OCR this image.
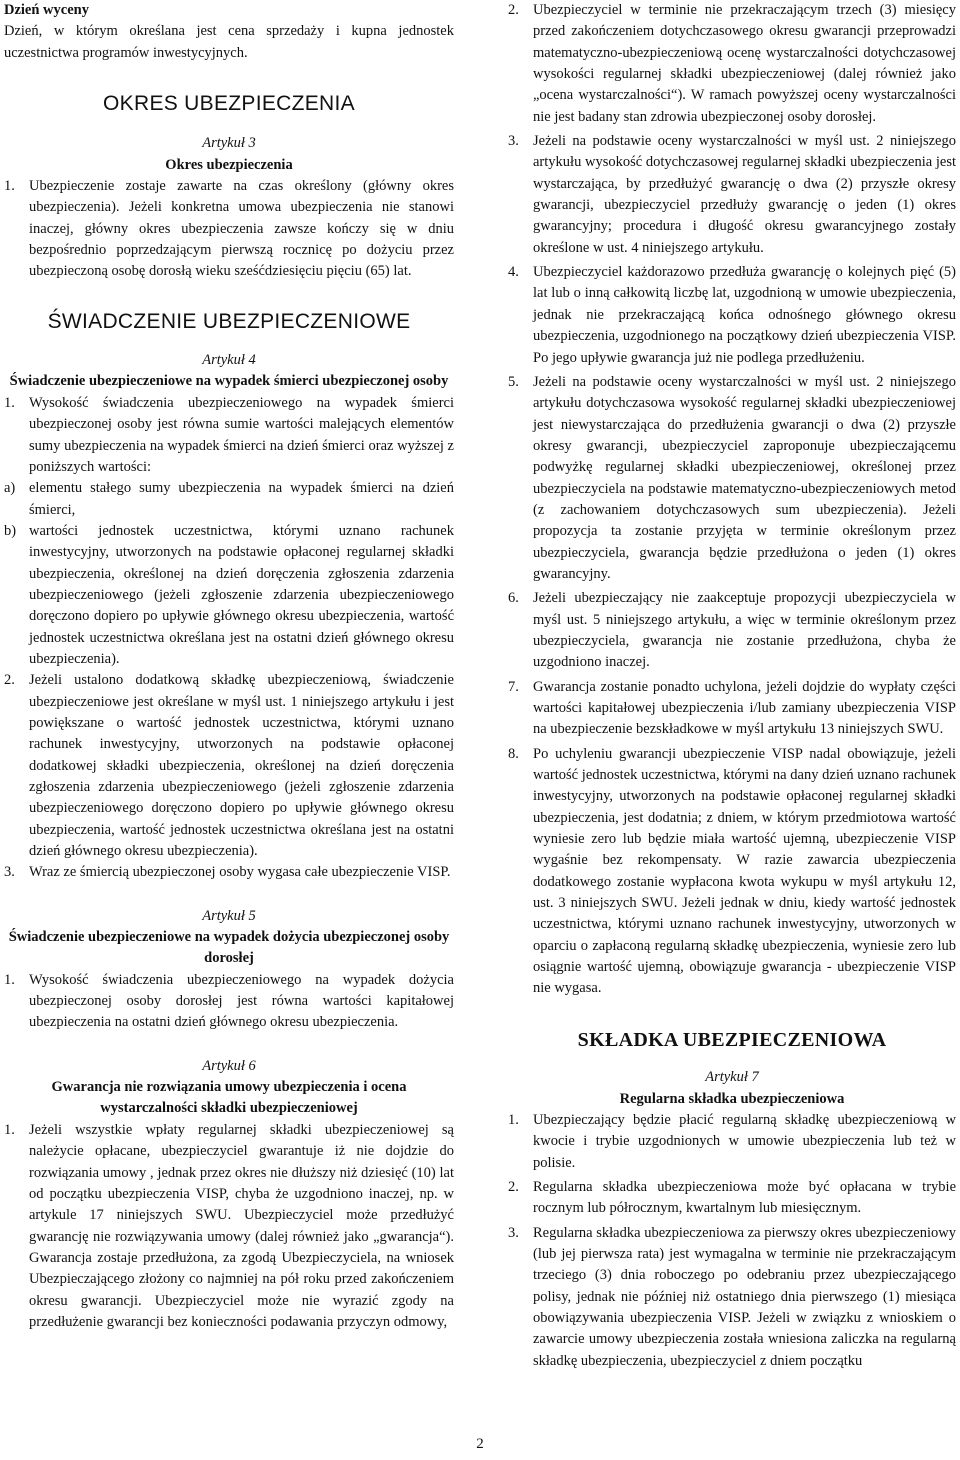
Dzień wyceny

Dzień, w którym określana jest cena sprzedaży i kupna jednostek uczestnictwa programów inwestycyjnych.

OKRES UBEZPIECZENIA

Artykuł 3

Okres ubezpieczenia

1. Ubezpieczenie zostaje zawarte na czas określony (główny okres ubezpieczenia). Jeżeli konkretna umowa ubezpieczenia nie stanowi inaczej, główny okres ubezpieczenia zawsze kończy się w dniu bezpośrednio poprzedzającym pierwszą rocznicę po dożyciu przez ubezpieczoną osobę dorosłą wieku sześćdziesięciu pięciu (65) lat.
ŚWIADCZENIE UBEZPIECZENIOWE

Artykuł 4

Świadczenie ubezpieczeniowe na wypadek śmierci ubezpieczonej osoby

1. Wysokość świadczenia ubezpieczeniowego na wypadek śmierci ubezpieczonej osoby jest równa sumie wartości malejących elementów sumy ubezpieczenia na wypadek śmierci na dzień śmierci oraz wyższej z poniższych wartości:
a) elementu stałego sumy ubezpieczenia na wypadek śmierci na dzień śmierci,
b) wartości jednostek uczestnictwa, którymi uznano rachunek inwestycyjny, utworzonych na podstawie opłaconej regularnej składki ubezpieczenia, określonej na dzień doręczenia zgłoszenia zdarzenia ubezpieczeniowego (jeżeli zgłoszenie zdarzenia ubezpieczeniowego doręczono dopiero po upływie głównego okresu ubezpieczenia, wartość jednostek uczestnictwa określana jest na ostatni dzień głównego okresu ubezpieczenia).
2. Jeżeli ustalono dodatkową składkę ubezpieczeniową, świadczenie ubezpieczeniowe jest określane w myśl ust. 1 niniejszego artykułu i jest powiększane o wartość jednostek uczestnictwa, którymi uznano rachunek inwestycyjny, utworzonych na podstawie opłaconej dodatkowej składki ubezpieczenia, określonej na dzień doręczenia zgłoszenia zdarzenia ubezpieczeniowego (jeżeli zgłoszenie zdarzenia ubezpieczeniowego doręczono dopiero po upływie głównego okresu ubezpieczenia, wartość jednostek uczestnictwa określana jest na ostatni dzień głównego okresu ubezpieczenia).
3. Wraz ze śmiercią ubezpieczonej osoby wygasa całe ubezpieczenie VISP.

Artykuł 5

Świadczenie ubezpieczeniowe na wypadek dożycia ubezpieczonej osoby dorosłej

1. Wysokość świadczenia ubezpieczeniowego na wypadek dożycia ubezpieczonej osoby dorosłej jest równa wartości kapitałowej ubezpieczenia na ostatni dzień głównego okresu ubezpieczenia.

Artykuł 6

Gwarancja nie rozwiązania umowy ubezpieczenia i ocena wystarczalności składki ubezpieczeniowej

1. Jeżeli wszystkie wpłaty regularnej składki ubezpieczeniowej są należycie opłacane, ubezpieczyciel gwarantuje iż nie dojdzie do rozwiązania umowy , jednak przez okres nie dłuższy niż dziesięć (10) lat od początku ubezpieczenia VISP, chyba że uzgodniono inaczej, np. w artykule 17 niniejszych SWU. Ubezpieczyciel może przedłużyć gwarancję nie rozwiązywania umowy (dalej również jako „gwarancja“). Gwarancja zostaje przedłużona, za zgodą Ubezpieczyciela, na wniosek Ubezpieczającego złożony co najmniej na pół roku przed zakończeniem okresu gwarancji. Ubezpieczyciel może nie wyrazić zgody na przedłużenie gwarancji bez konieczności podawania przyczyn odmowy,
2. Ubezpieczyciel w terminie nie przekraczającym trzech (3) miesięcy przed zakończeniem dotychczasowego okresu gwarancji przeprowadzi matematyczno-ubezpieczeniową ocenę wystarczalności dotychczasowej wysokości regularnej składki ubezpieczeniowej (dalej również jako „ocena wystarczalności“). W ramach powyższej oceny wystarczalności nie jest badany stan zdrowia ubezpieczonej osoby dorosłej.
3. Jeżeli na podstawie oceny wystarczalności w myśl ust. 2 niniejszego artykułu wysokość dotychczasowej regularnej składki ubezpieczenia jest wystarczająca, by przedłużyć gwarancję o dwa (2) przyszłe okresy gwarancji, ubezpieczyciel przedłuży gwarancję o jeden (1) okres gwarancyjny; procedura i długość okresu gwarancyjnego zostały określone w ust. 4 niniejszego artykułu.
4. Ubezpieczyciel każdorazowo przedłuża gwarancję o kolejnych pięć (5) lat lub o inną całkowitą liczbę lat, uzgodnioną w umowie ubezpieczenia, jednak nie przekraczającą końca odnośnego głównego okresu ubezpieczenia, uzgodnionego na początkowy dzień ubezpieczenia VISP. Po jego upływie gwarancja już nie podlega przedłużeniu.
5. Jeżeli na podstawie oceny wystarczalności w myśl ust. 2 niniejszego artykułu dotychczasowa wysokość regularnej składki ubezpieczeniowej jest niewystarczająca do przedłużenia gwarancji o dwa (2) przyszłe okresy gwarancji, ubezpieczyciel zaproponuje ubezpieczającemu podwyżkę regularnej składki ubezpieczeniowej, określonej przez ubezpieczyciela na podstawie matematyczno-ubezpieczeniowych metod (z zachowaniem dotychczasowych sum ubezpieczenia). Jeżeli propozycja ta zostanie przyjęta w terminie określonym przez ubezpieczyciela, gwarancja będzie przedłużona o jeden (1) okres gwarancyjny.
6. Jeżeli ubezpieczający nie zaakceptuje propozycji ubezpieczyciela w myśl ust. 5 niniejszego artykułu, a więc w terminie określonym przez ubezpieczyciela, gwarancja nie zostanie przedłużona, chyba że uzgodniono inaczej.
7. Gwarancja zostanie ponadto uchylona, jeżeli dojdzie do wypłaty części wartości kapitałowej ubezpieczenia i/lub zamiany ubezpieczenia VISP na ubezpieczenie bezskładkowe w myśl artykułu 13 niniejszych SWU.
8. Po uchyleniu gwarancji ubezpieczenie VISP nadal obowiązuje, jeżeli wartość jednostek uczestnictwa, którymi na dany dzień uznano rachunek inwestycyjny, utworzonych na podstawie opłaconej regularnej składki ubezpieczenia, jest dodatnia; z dniem, w którym przedmiotowa wartość wyniesie zero lub będzie miała wartość ujemną, ubezpieczenie VISP wygaśnie bez rekompensaty. W razie zawarcia ubezpieczenia dodatkowego zostanie wypłacona kwota wykupu w myśl artykułu 12, ust. 3 niniejszych SWU. Jeżeli jednak w dniu, kiedy wartość jednostek uczestnictwa, którymi uznano rachunek inwestycyjny, utworzonych w oparciu o zapłaconą regularną składkę ubezpieczenia, wyniesie zero lub osiągnie wartość ujemną, obowiązuje gwarancja - ubezpieczenie VISP nie wygasa.
SKŁADKA UBEZPIECZENIOWA

Artykuł 7

Regularna składka ubezpieczeniowa

1. Ubezpieczający będzie płacić regularną składkę ubezpieczeniową w kwocie i trybie uzgodnionych w umowie ubezpieczenia lub też w polisie.
2. Regularna składka ubezpieczeniowa może być opłacana w trybie rocznym lub półrocznym, kwartalnym lub miesięcznym.
3. Regularna składka ubezpieczeniowa za pierwszy okres ubezpieczeniowy (lub jej pierwsza rata) jest wymagalna w terminie nie przekraczającym trzeciego (3) dnia roboczego po odebraniu przez ubezpieczającego polisy, jednak nie później niż ostatniego dnia pierwszego (1) miesiąca obowiązywania ubezpieczenia VISP. Jeżeli w związku z wnioskiem o zawarcie umowy ubezpieczenia została wniesiona zaliczka na regularną składkę ubezpieczenia, ubezpieczyciel z dniem początku
2
